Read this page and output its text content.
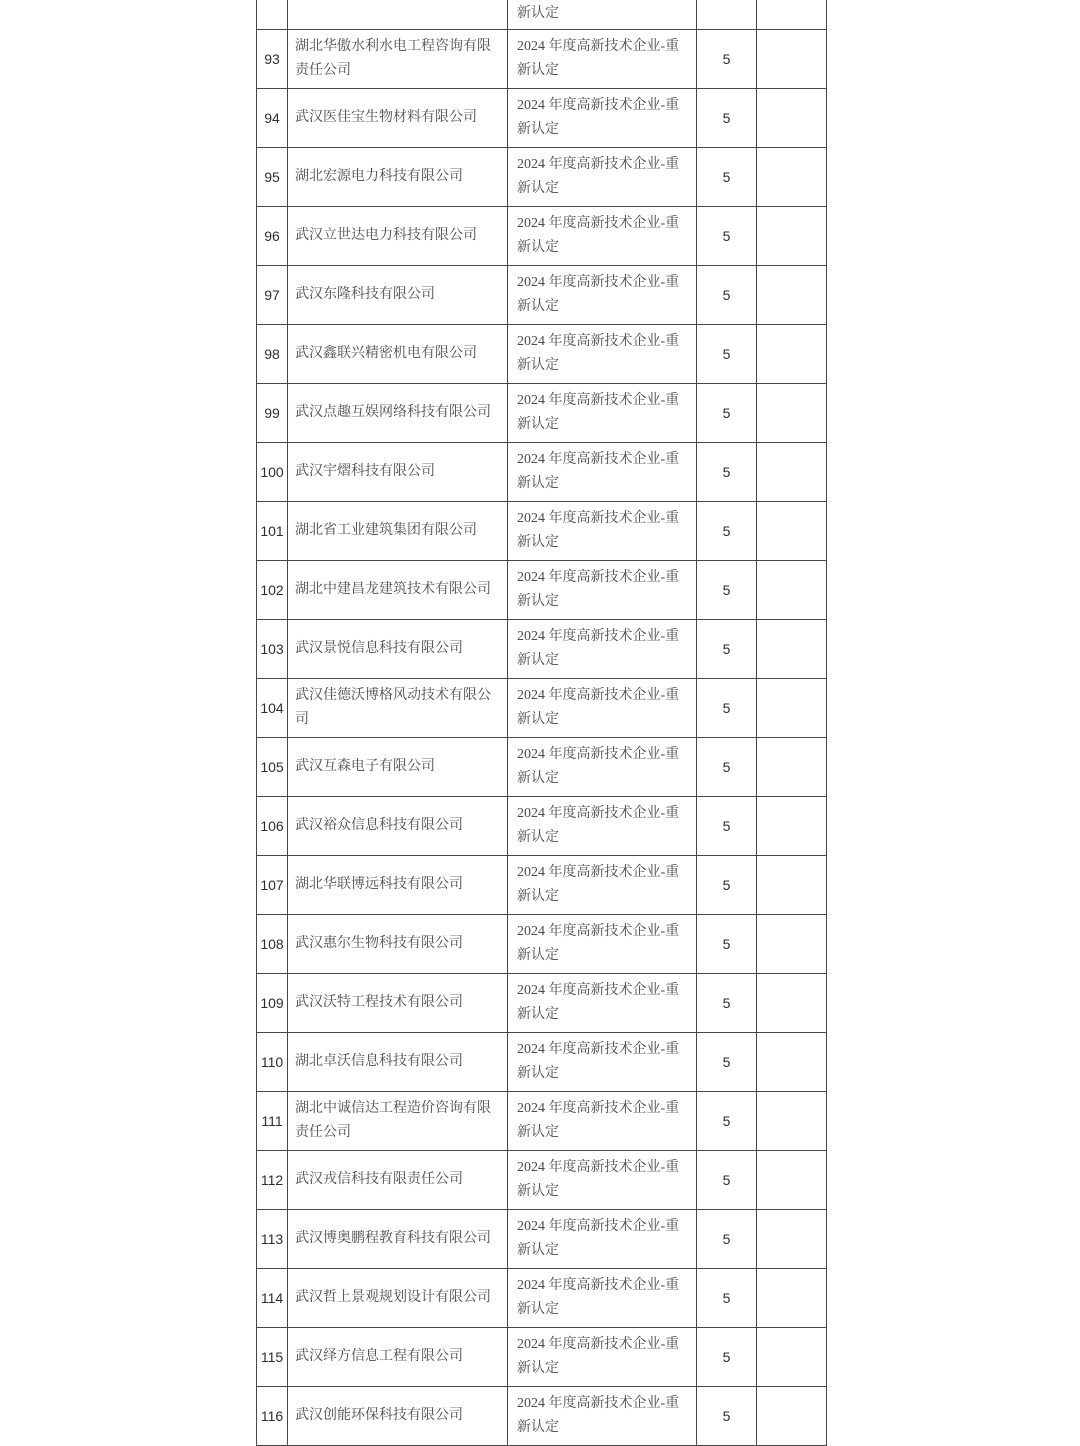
		新认定		
93	湖北华傲水利水电工程咨询有限责任公司	2024 年度高新技术企业-重新认定	5	
94	武汉医佳宝生物材料有限公司	2024 年度高新技术企业-重新认定	5	
95	湖北宏源电力科技有限公司	2024 年度高新技术企业-重新认定	5	
96	武汉立世达电力科技有限公司	2024 年度高新技术企业-重新认定	5	
97	武汉东隆科技有限公司	2024 年度高新技术企业-重新认定	5	
98	武汉鑫联兴精密机电有限公司	2024 年度高新技术企业-重新认定	5	
99	武汉点趣互娱网络科技有限公司	2024 年度高新技术企业-重新认定	5	
100	武汉宇熠科技有限公司	2024 年度高新技术企业-重新认定	5	
101	湖北省工业建筑集团有限公司	2024 年度高新技术企业-重新认定	5	
102	湖北中建昌龙建筑技术有限公司	2024 年度高新技术企业-重新认定	5	
103	武汉景悦信息科技有限公司	2024 年度高新技术企业-重新认定	5	
104	武汉佳德沃博格风动技术有限公司	2024 年度高新技术企业-重新认定	5	
105	武汉互森电子有限公司	2024 年度高新技术企业-重新认定	5	
106	武汉裕众信息科技有限公司	2024 年度高新技术企业-重新认定	5	
107	湖北华联博远科技有限公司	2024 年度高新技术企业-重新认定	5	
108	武汉惠尔生物科技有限公司	2024 年度高新技术企业-重新认定	5	
109	武汉沃特工程技术有限公司	2024 年度高新技术企业-重新认定	5	
110	湖北卓沃信息科技有限公司	2024 年度高新技术企业-重新认定	5	
111	湖北中诚信达工程造价咨询有限责任公司	2024 年度高新技术企业-重新认定	5	
112	武汉戎信科技有限责任公司	2024 年度高新技术企业-重新认定	5	
113	武汉博奥鹏程教育科技有限公司	2024 年度高新技术企业-重新认定	5	
114	武汉哲上景观规划设计有限公司	2024 年度高新技术企业-重新认定	5	
115	武汉绎方信息工程有限公司	2024 年度高新技术企业-重新认定	5	
116	武汉创能环保科技有限公司	2024 年度高新技术企业-重新认定	5	
